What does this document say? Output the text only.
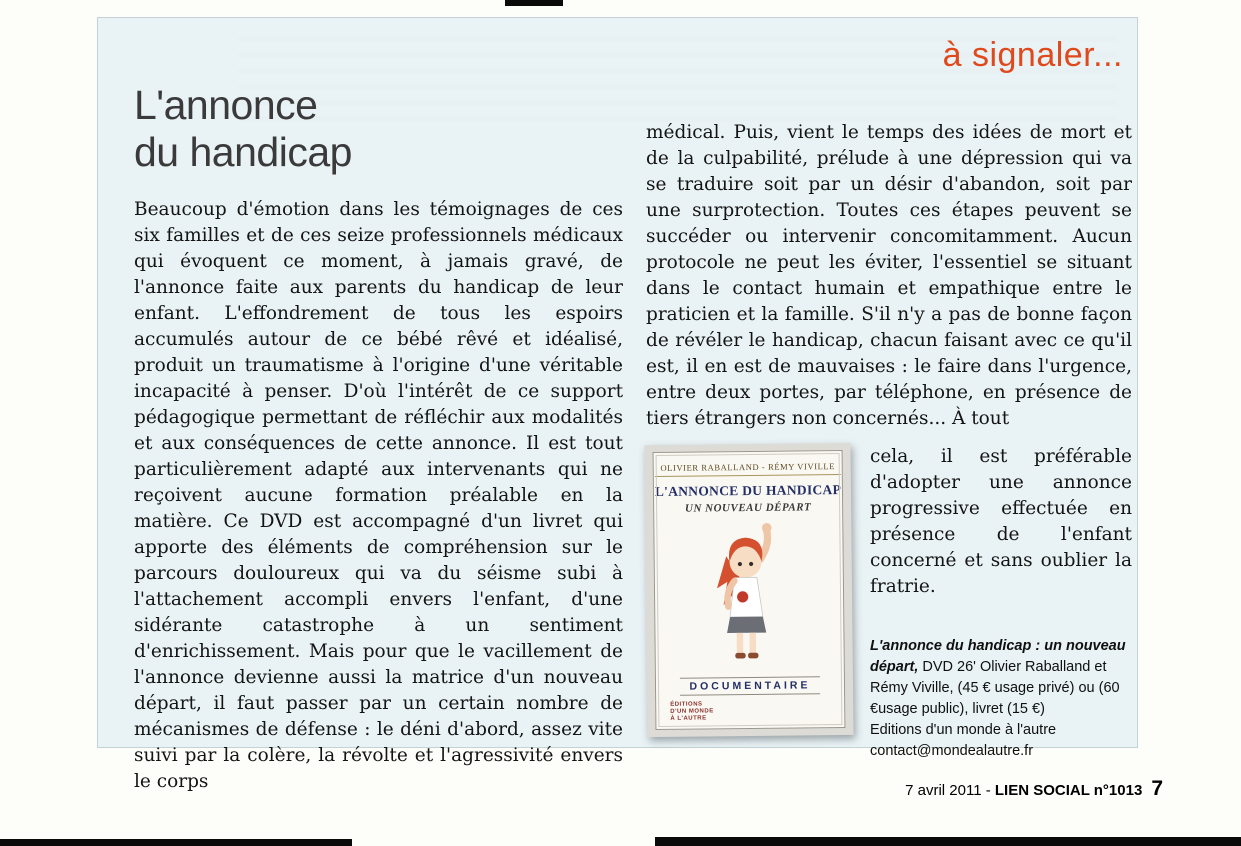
à signaler...
L'annonce
du handicap

Beaucoup d'émotion dans les témoignages de ces six familles et de ces seize professionnels médicaux qui évoquent ce moment, à jamais gravé, de l'annonce faite aux parents du handicap de leur enfant. L'effondrement de tous les espoirs accumulés autour de ce bébé rêvé et idéalisé, produit un traumatisme à l'origine d'une véritable incapacité à penser. D'où l'intérêt de ce support pédagogique permettant de réfléchir aux modalités et aux conséquences de cette annonce. Il est tout particulièrement adapté aux intervenants qui ne reçoivent aucune formation préalable en la matière. Ce DVD est accompagné d'un livret qui apporte des éléments de compréhension sur le parcours douloureux qui va du séisme subi à l'attachement accompli envers l'enfant, d'une sidérante catastrophe à un sentiment d'enrichissement. Mais pour que le vacillement de l'annonce devienne aussi la matrice d'un nouveau départ, il faut passer par un certain nombre de mécanismes de défense : le déni d'abord, assez vite suivi par la colère, la révolte et l'agressivité envers le corps

médical. Puis, vient le temps des idées de mort et de la culpabilité, prélude à une dépression qui va se traduire soit par un désir d'abandon, soit par une surprotection. Toutes ces étapes peuvent se succéder ou intervenir concomitamment. Aucun protocole ne peut les éviter, l'essentiel se situant dans le contact humain et empathique entre le praticien et la famille. S'il n'y a pas de bonne façon de révéler le handicap, chacun faisant avec ce qu'il est, il en est de mauvaises : le faire dans l'urgence, entre deux portes, par téléphone, en présence de tiers étrangers non concernés... À tout

OLIVIER RABALLAND - RÉMY VIVILLE
L'ANNONCE DU HANDICAP
UN NOUVEAU DÉPART
DOCUMENTAIRE
ÉDITIONS
D'UN MONDE
À L'AUTRE

cela, il est préférable d'adopter une annonce progressive effectuée en présence de l'enfant concerné et sans oublier la fratrie.

L'annonce du handicap : un nouveau départ, DVD 26' Olivier Raballand et Rémy Viville, (45 € usage privé) ou (60 €usage public), livret (15 €)

Editions d'un monde à l'autre

contact@mondealautre.fr

7 avril 2011 - LIEN SOCIAL n°1013 7
